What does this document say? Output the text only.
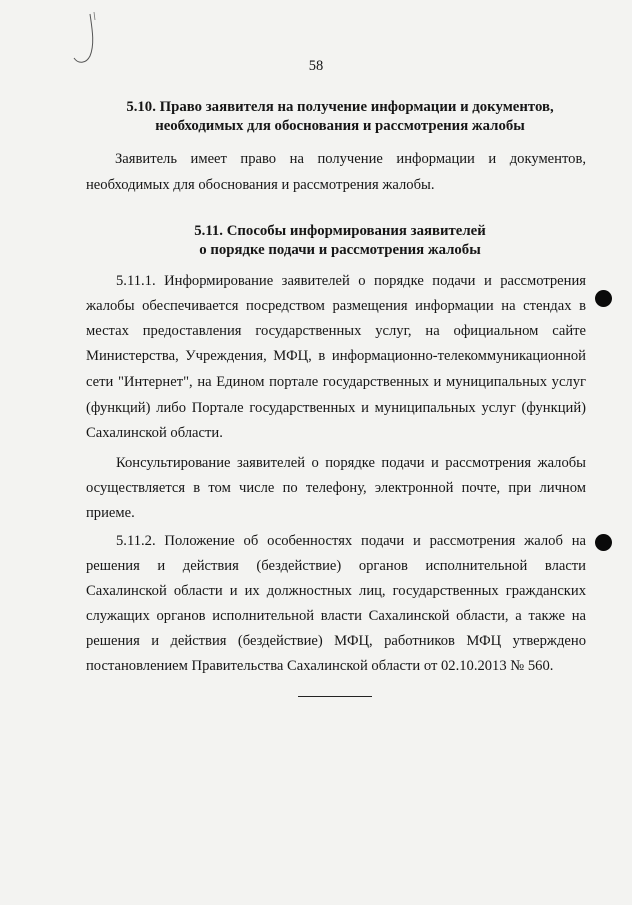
58
5.10. Право заявителя на получение информации и документов,
необходимых для обоснования и рассмотрения жалобы
Заявитель имеет право на получение информации и документов,
необходимых для обоснования и рассмотрения жалобы.
5.11. Способы информирования заявителей
о порядке подачи и рассмотрения жалобы
5.11.1. Информирование заявителей о порядке подачи и рассмотрения
жалобы обеспечивается посредством размещения информации на стендах в
местах предоставления государственных услуг, на официальном сайте
Министерства, Учреждения, МФЦ, в информационно-телекоммуникационной
сети "Интернет", на Едином портале государственных и муниципальных услуг
(функций) либо Портале государственных и муниципальных услуг (функций)
Сахалинской области.
Консультирование заявителей о порядке подачи и рассмотрения жалобы
осуществляется в том числе по телефону, электронной почте, при личном
приеме.
5.11.2. Положение об особенностях подачи и рассмотрения жалоб на
решения и действия (бездействие) органов исполнительной власти
Сахалинской области и их должностных лиц, государственных гражданских
служащих органов исполнительной власти Сахалинской области, а также на
решения и действия (бездействие) МФЦ, работников МФЦ утверждено
постановлением Правительства Сахалинской области от 02.10.2013 № 560.
